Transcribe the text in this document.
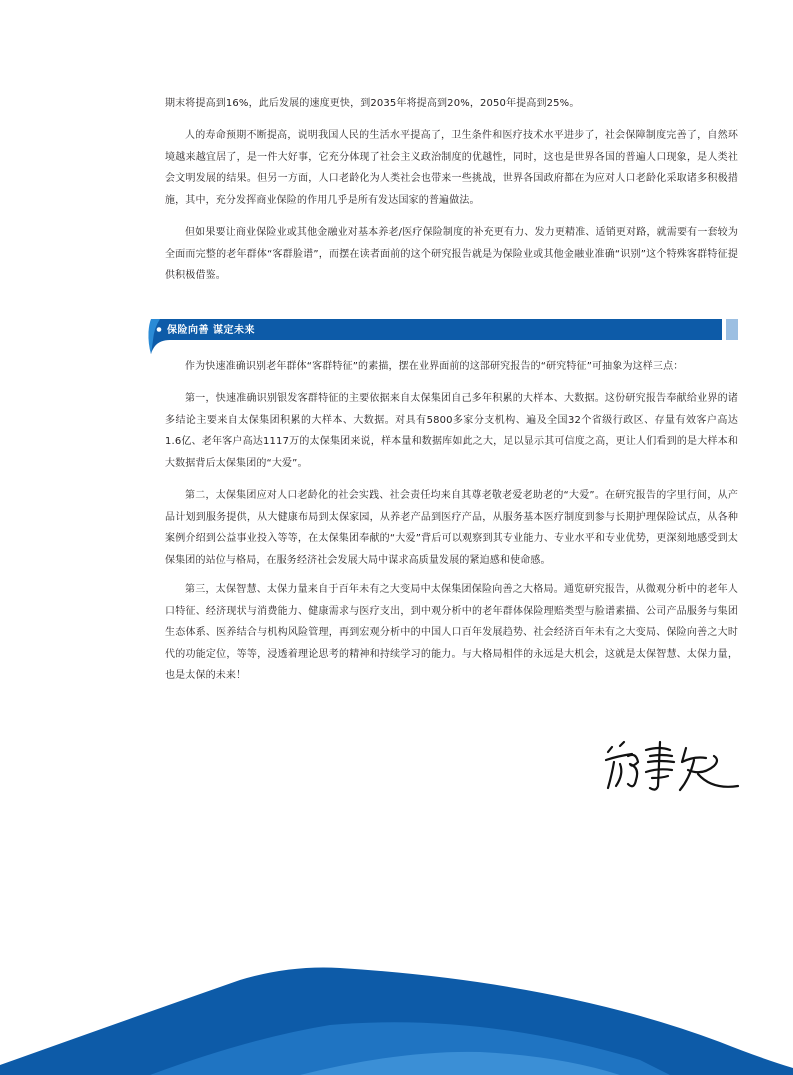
期末将提高到16%，此后发展的速度更快，到2035年将提高到20%，2050年提高到25%。

人的寿命预期不断提高，说明我国人民的生活水平提高了，卫生条件和医疗技术水平进步了，社会保障制度完善了，自然环境越来越宜居了，是一件大好事，它充分体现了社会主义政治制度的优越性，同时，这也是世界各国的普遍人口现象，是人类社会文明发展的结果。但另一方面，人口老龄化为人类社会也带来一些挑战，世界各国政府都在为应对人口老龄化采取诸多积极措施，其中，充分发挥商业保险的作用几乎是所有发达国家的普遍做法。

但如果要让商业保险业或其他金融业对基本养老/医疗保险制度的补充更有力、发力更精准、适销更对路，就需要有一套较为全面而完整的老年群体“客群脸谱”，而摆在读者面前的这个研究报告就是为保险业或其他金融业准确“识别”这个特殊客群特征提供积极借鉴。

保险向善 谋定未来

作为快速准确识别老年群体“客群特征”的素描，摆在业界面前的这部研究报告的“研究特征”可抽象为这样三点：

第一，快速准确识别银发客群特征的主要依据来自太保集团自己多年积累的大样本、大数据。这份研究报告奉献给业界的诸多结论主要来自太保集团积累的大样本、大数据。对具有5800多家分支机构、遍及全国32个省级行政区、存量有效客户高达1.6亿、老年客户高达1117万的太保集团来说，样本量和数据库如此之大，足以显示其可信度之高，更让人们看到的是大样本和大数据背后太保集团的“大爱”。

第二，太保集团应对人口老龄化的社会实践、社会责任均来自其尊老敬老爱老助老的“大爱”。在研究报告的字里行间，从产品计划到服务提供，从大健康布局到太保家园，从养老产品到医疗产品，从服务基本医疗制度到参与长期护理保险试点，从各种案例介绍到公益事业投入等等，在太保集团奉献的“大爱”背后可以观察到其专业能力、专业水平和专业优势，更深刻地感受到太保集团的站位与格局，在服务经济社会发展大局中谋求高质量发展的紧迫感和使命感。

第三，太保智慧、太保力量来自于百年未有之大变局中太保集团保险向善之大格局。通览研究报告，从微观分析中的老年人口特征、经济现状与消费能力、健康需求与医疗支出，到中观分析中的老年群体保险理赔类型与脸谱素描、公司产品服务与集团生态体系、医养结合与机构风险管理，再到宏观分析中的中国人口百年发展趋势、社会经济百年未有之大变局、保险向善之大时代的功能定位，等等，浸透着理论思考的精神和持续学习的能力。与大格局相伴的永远是大机会，这就是太保智慧、太保力量，也是太保的未来！
